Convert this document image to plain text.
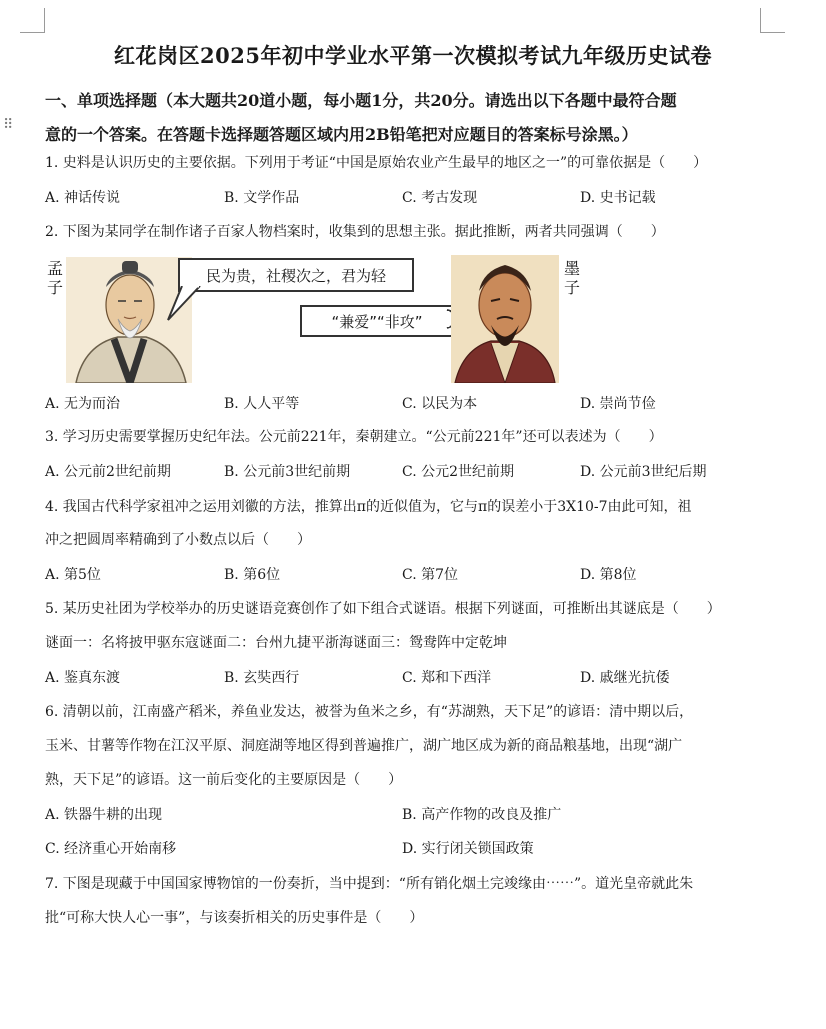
⠿
红花岗区2025年初中学业水平第一次模拟考试九年级历史试卷
一、单项选择题（本大题共20道小题，每小题1分，共20分。请选出以下各题中最符合题
意的一个答案。在答题卡选择题答题区域内用2B铅笔把对应题目的答案标号涂黑。）
1. 史料是认识历史的主要依据。下列用于考证“中国是原始农业产生最早的地区之一”的可靠依据是（　　）
A. 神话传说	B. 文学作品	C. 考古发现	D. 史书记载
2. 下图为某同学在制作诸子百家人物档案时，收集到的思想主张。据此推断，两者共同强调（　　）
孟
子
民为贵，社稷次之，君为轻
“兼爱”“非攻”
墨
子
A. 无为而治	B. 人人平等	C. 以民为本	D. 崇尚节俭
3. 学习历史需要掌握历史纪年法。公元前221年，秦朝建立。“公元前221年”还可以表述为（　　）
A. 公元前2世纪前期	B. 公元前3世纪前期	C. 公元2世纪前期	D. 公元前3世纪后期
4. 我国古代科学家祖冲之运用刘徽的方法，推算出π的近似值为，它与π的误差小于3X10-7由此可知，祖
冲之把圆周率精确到了小数点以后（　　）
A. 第5位	B. 第6位	C. 第7位	D. 第8位
5. 某历史社团为学校举办的历史谜语竞赛创作了如下组合式谜语。根据下列谜面，可推断出其谜底是（　　）
谜面一：名将披甲驱东寇谜面二：台州九捷平浙海谜面三：鸳鸯阵中定乾坤
A. 鉴真东渡	B. 玄奘西行	C. 郑和下西洋	D. 戚继光抗倭
6. 清朝以前，江南盛产稻米，养鱼业发达，被誉为鱼米之乡，有“苏湖熟，天下足”的谚语：清中期以后，
玉米、甘薯等作物在江汉平原、洞庭湖等地区得到普遍推广，湖广地区成为新的商品粮基地，出现“湖广
熟，天下足”的谚语。这一前后变化的主要原因是（　　）
A. 铁器牛耕的出现	B. 高产作物的改良及推广
C. 经济重心开始南移	D. 实行闭关锁国政策
7. 下图是现藏于中国国家博物馆的一份奏折，当中提到：“所有销化烟土完竣缘由⋯⋯”。道光皇帝就此朱
批“可称大快人心一事”，与该奏折相关的历史事件是（　　）
